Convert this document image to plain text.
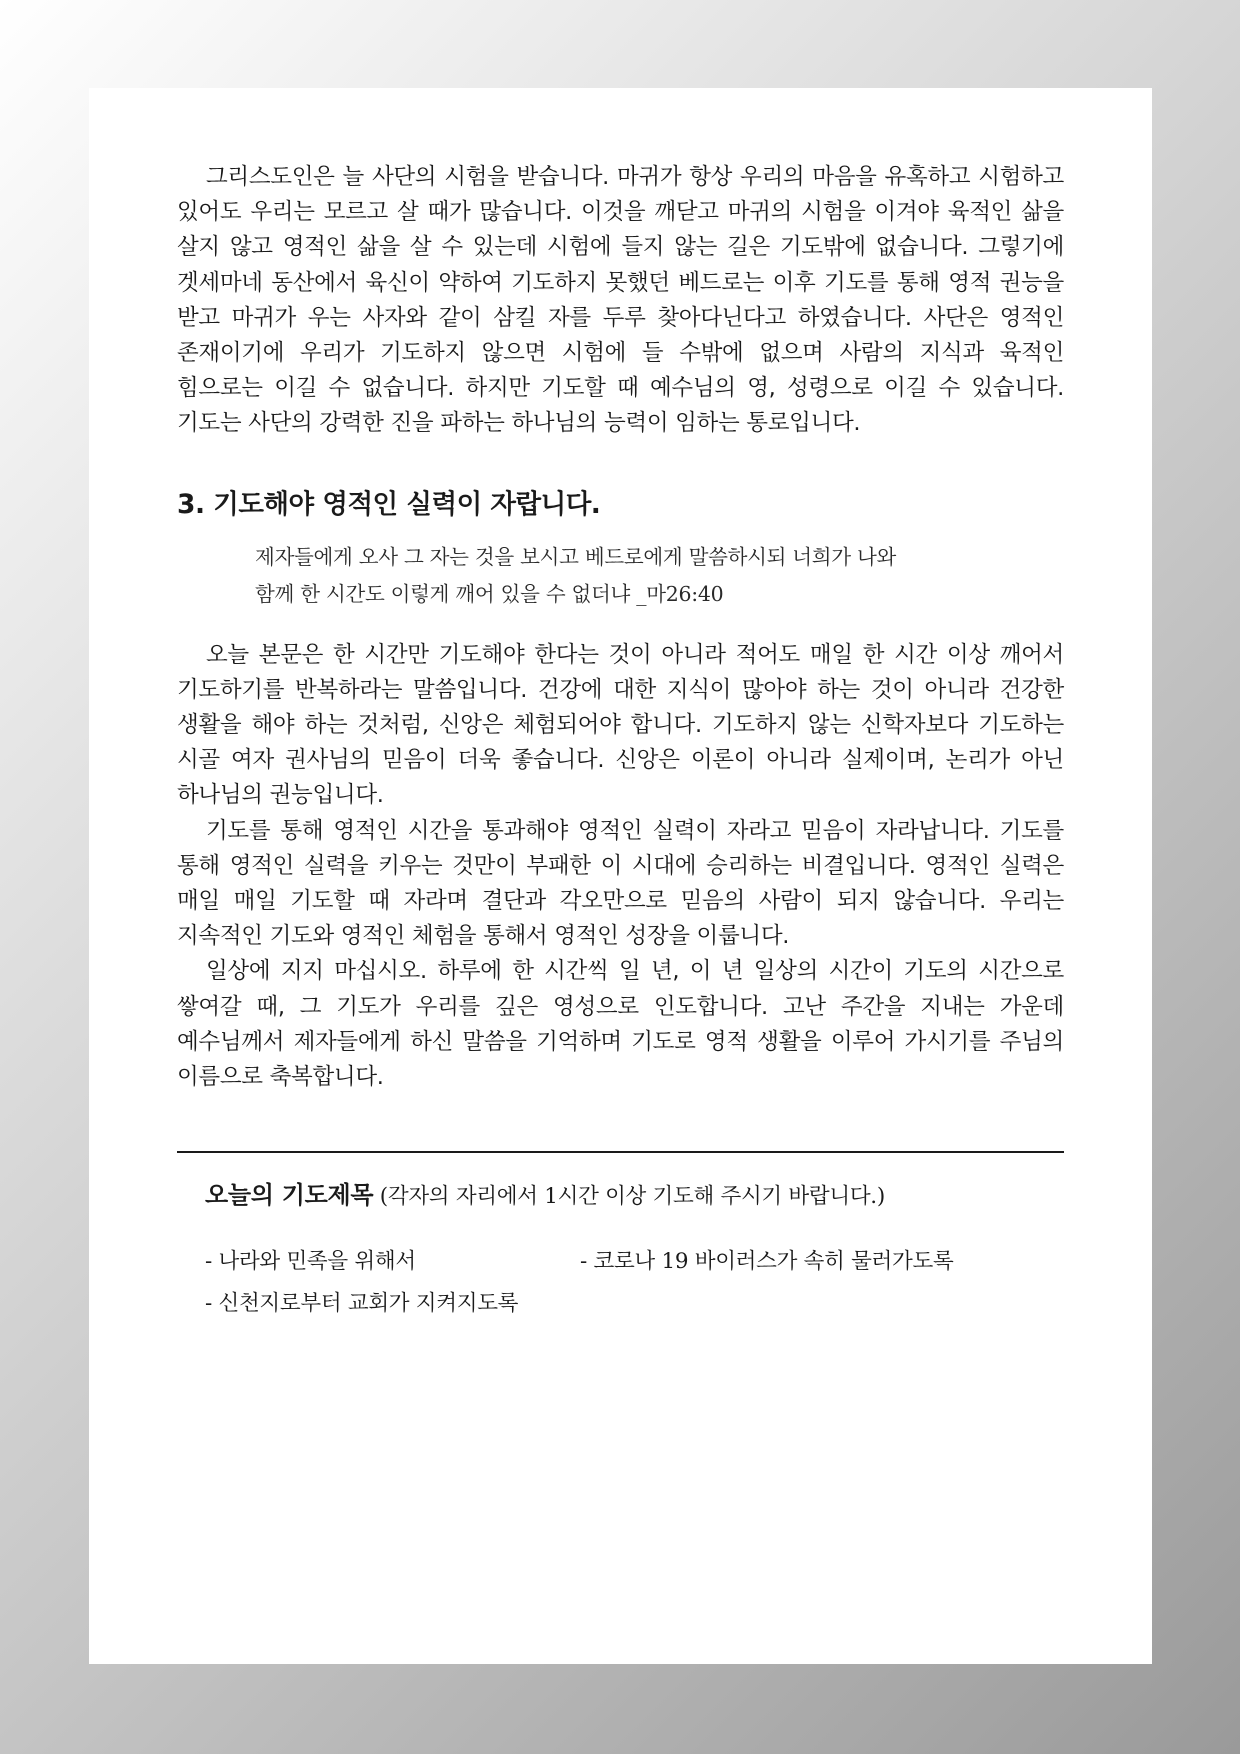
그리스도인은 늘 사단의 시험을 받습니다. 마귀가 항상 우리의 마음을 유혹하고 시험하고 있어도 우리는 모르고 살 때가 많습니다. 이것을 깨닫고 마귀의 시험을 이겨야 육적인 삶을 살지 않고 영적인 삶을 살 수 있는데 시험에 들지 않는 길은 기도밖에 없습니다. 그렇기에 겟세마네 동산에서 육신이 약하여 기도하지 못했던 베드로는 이후 기도를 통해 영적 권능을 받고 마귀가 우는 사자와 같이 삼킬 자를 두루 찾아다닌다고 하였습니다. 사단은 영적인 존재이기에 우리가 기도하지 않으면 시험에 들 수밖에 없으며 사람의 지식과 육적인 힘으로는 이길 수 없습니다. 하지만 기도할 때 예수님의 영, 성령으로 이길 수 있습니다. 기도는 사단의 강력한 진을 파하는 하나님의 능력이 임하는 통로입니다.

3. 기도해야 영적인 실력이 자랍니다.
제자들에게 오사 그 자는 것을 보시고 베드로에게 말씀하시되 너희가 나와
함께 한 시간도 이렇게 깨어 있을 수 없더냐 _마26:40

오늘 본문은 한 시간만 기도해야 한다는 것이 아니라 적어도 매일 한 시간 이상 깨어서 기도하기를 반복하라는 말씀입니다. 건강에 대한 지식이 많아야 하는 것이 아니라 건강한 생활을 해야 하는 것처럼, 신앙은 체험되어야 합니다. 기도하지 않는 신학자보다 기도하는 시골 여자 권사님의 믿음이 더욱 좋습니다. 신앙은 이론이 아니라 실제이며, 논리가 아닌 하나님의 권능입니다.

기도를 통해 영적인 시간을 통과해야 영적인 실력이 자라고 믿음이 자라납니다. 기도를 통해 영적인 실력을 키우는 것만이 부패한 이 시대에 승리하는 비결입니다. 영적인 실력은 매일 매일 기도할 때 자라며 결단과 각오만으로 믿음의 사람이 되지 않습니다. 우리는 지속적인 기도와 영적인 체험을 통해서 영적인 성장을 이룹니다.

일상에 지지 마십시오. 하루에 한 시간씩 일 년, 이 년 일상의 시간이 기도의 시간으로 쌓여갈 때, 그 기도가 우리를 깊은 영성으로 인도합니다. 고난 주간을 지내는 가운데 예수님께서 제자들에게 하신 말씀을 기억하며 기도로 영적 생활을 이루어 가시기를 주님의 이름으로 축복합니다.

오늘의 기도제목 (각자의 자리에서 1시간 이상 기도해 주시기 바랍니다.)
- 나라와 민족을 위해서	- 코로나 19 바이러스가 속히 물러가도록
- 신천지로부터 교회가 지켜지도록
